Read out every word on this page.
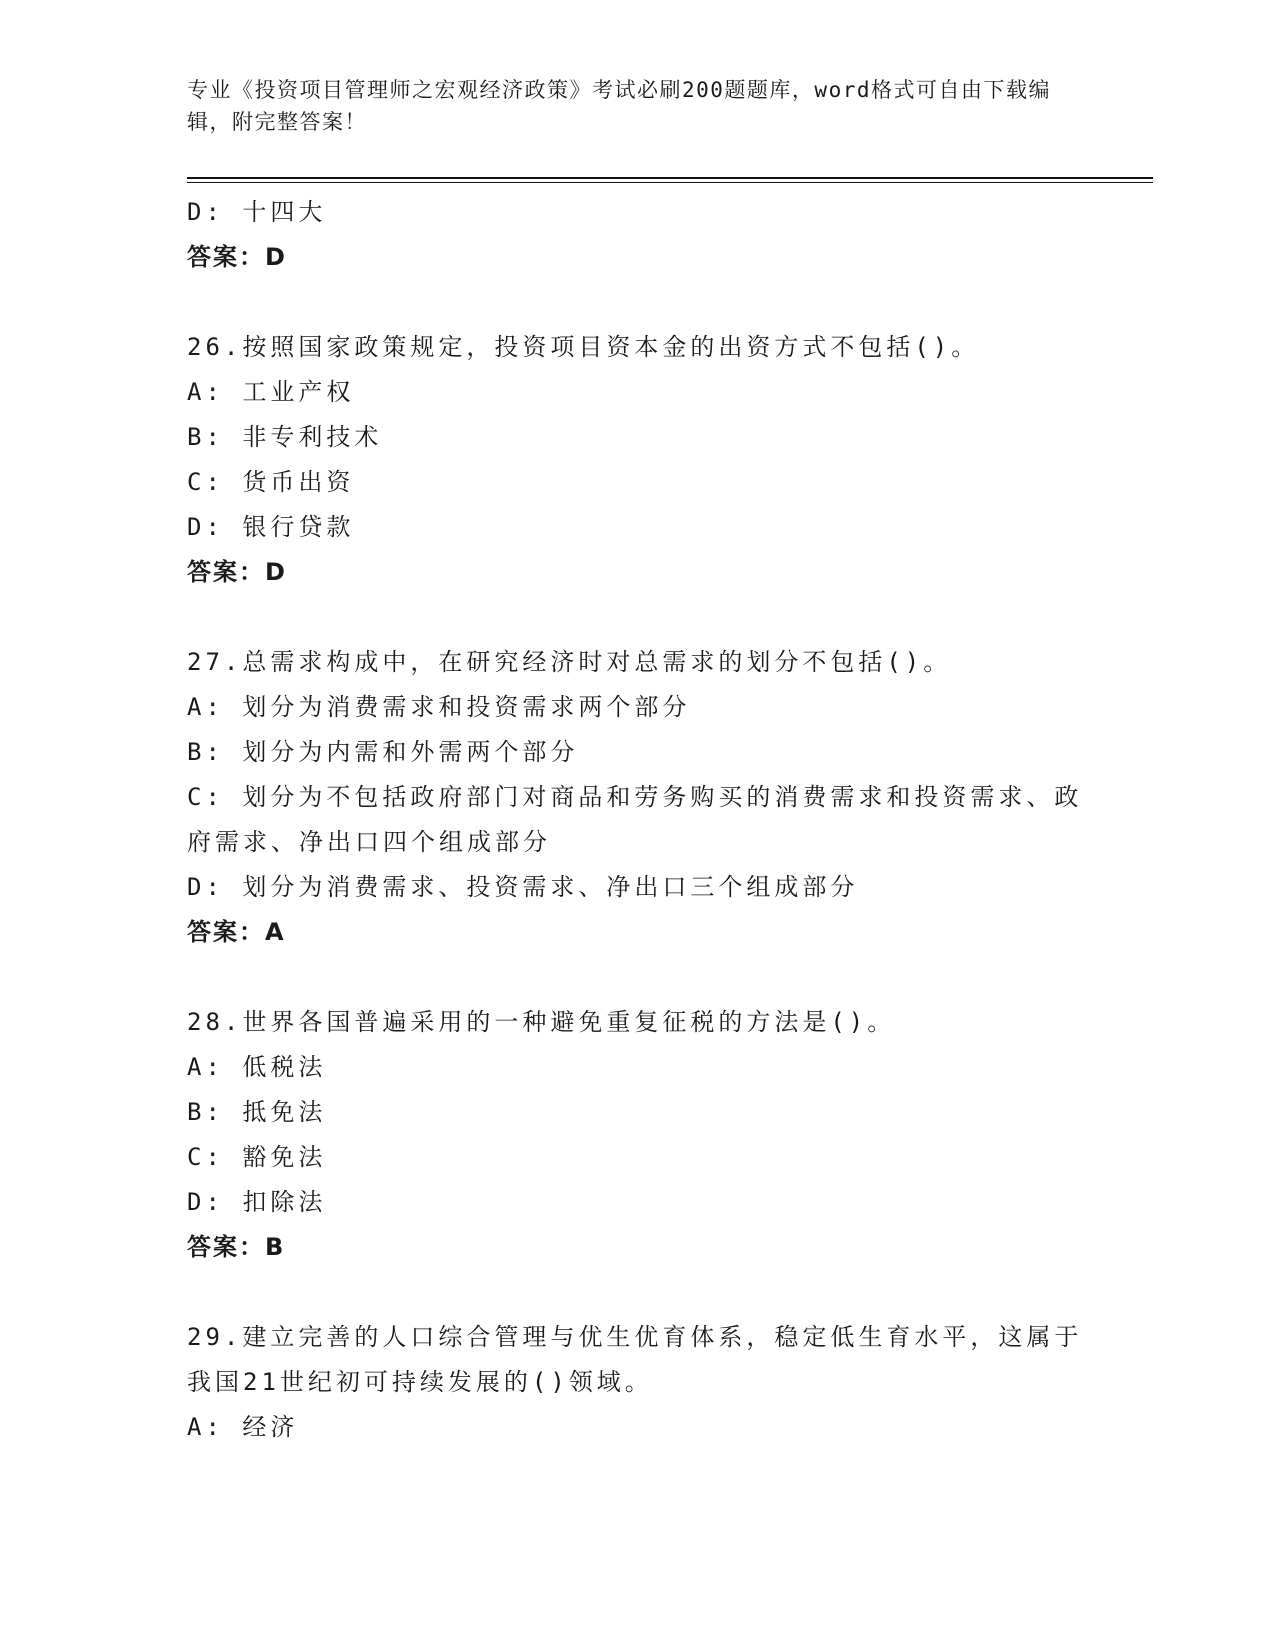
专业《投资项目管理师之宏观经济政策》考试必刷200题题库，word格式可自由下载编辑，附完整答案！
D: 十四大
答案：D
26.按照国家政策规定，投资项目资本金的出资方式不包括()。
A: 工业产权
B: 非专利技术
C: 货币出资
D: 银行贷款
答案：D
27.总需求构成中，在研究经济时对总需求的划分不包括()。
A: 划分为消费需求和投资需求两个部分
B: 划分为内需和外需两个部分
C: 划分为不包括政府部门对商品和劳务购买的消费需求和投资需求、政府需求、净出口四个组成部分
D: 划分为消费需求、投资需求、净出口三个组成部分
答案：A
28.世界各国普遍采用的一种避免重复征税的方法是()。
A: 低税法
B: 抵免法
C: 豁免法
D: 扣除法
答案：B
29.建立完善的人口综合管理与优生优育体系，稳定低生育水平，这属于我国21世纪初可持续发展的()领域。
A: 经济
